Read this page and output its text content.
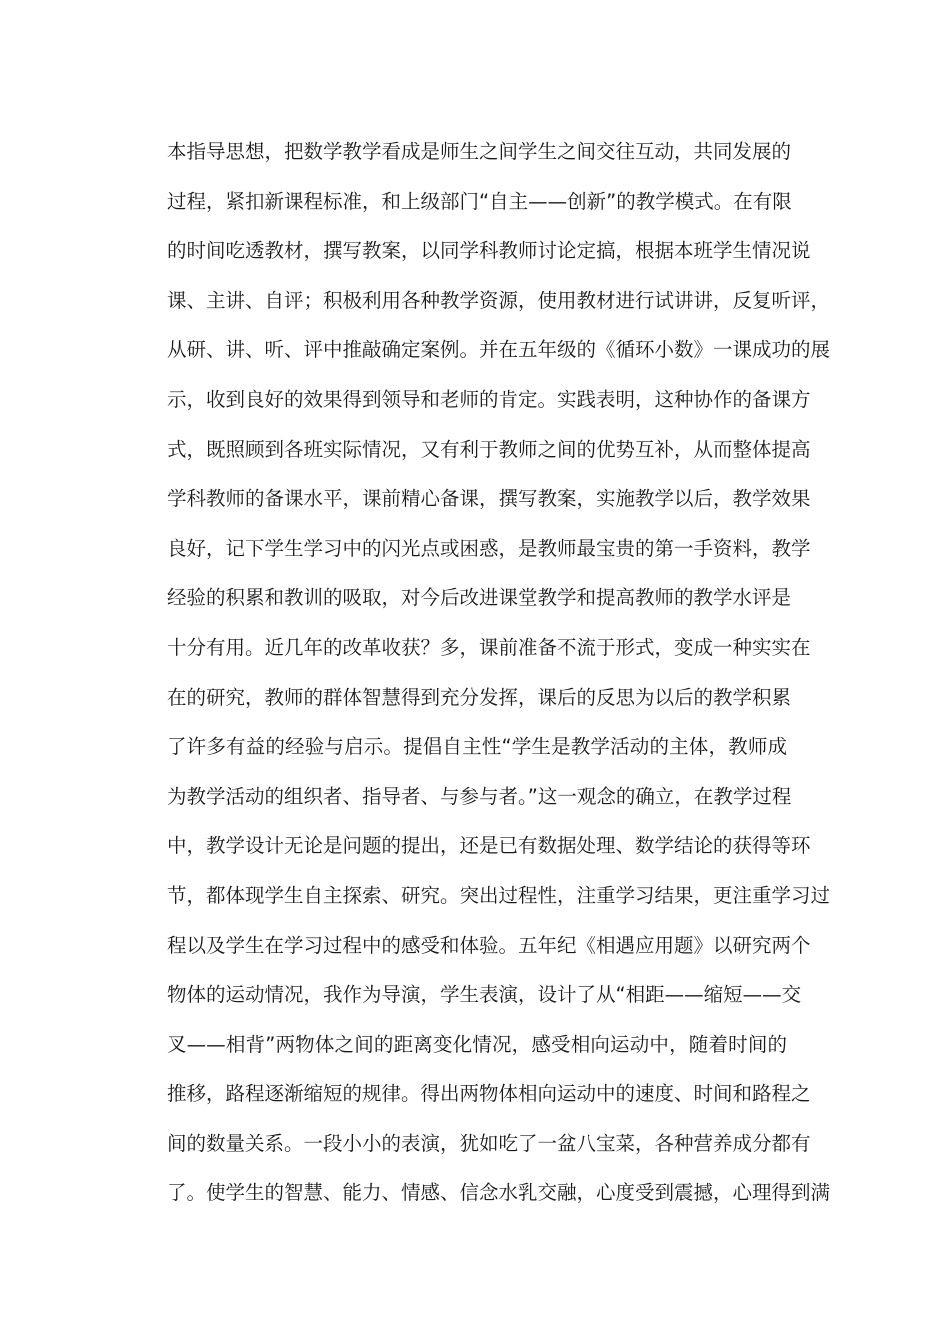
本指导思想，把数学教学看成是师生之间学生之间交往互动，共同发展的
过程，紧扣新课程标准，和上级部门“自主——创新”的教学模式。在有限
的时间吃透教材，撰写教案，以同学科教师讨论定搞，根据本班学生情况说
课、主讲、自评；积极利用各种教学资源，使用教材进行试讲讲，反复听评，
从研、讲、听、评中推敲确定案例。并在五年级的《循环小数》一课成功的展
示，收到良好的效果得到领导和老师的肯定。实践表明，这种协作的备课方
式，既照顾到各班实际情况，又有利于教师之间的优势互补，从而整体提高
学科教师的备课水平，课前精心备课，撰写教案，实施教学以后，教学效果
良好，记下学生学习中的闪光点或困惑，是教师最宝贵的第一手资料，教学
经验的积累和教训的吸取，对今后改进课堂教学和提高教师的教学水评是
十分有用。近几年的改革收获？多，课前准备不流于形式，变成一种实实在
在的研究，教师的群体智慧得到充分发挥，课后的反思为以后的教学积累
了许多有益的经验与启示。提倡自主性“学生是教学活动的主体，教师成
为教学活动的组织者、指导者、与参与者。”这一观念的确立，在教学过程
中，教学设计无论是问题的提出，还是已有数据处理、数学结论的获得等环
节，都体现学生自主探索、研究。突出过程性，注重学习结果，更注重学习过
程以及学生在学习过程中的感受和体验。五年纪《相遇应用题》以研究两个
物体的运动情况，我作为导演，学生表演，设计了从“相距——缩短——交
叉——相背”两物体之间的距离变化情况，感受相向运动中，随着时间的
推移，路程逐渐缩短的规律。得出两物体相向运动中的速度、时间和路程之
间的数量关系。一段小小的表演，犹如吃了一盆八宝菜，各种营养成分都有
了。使学生的智慧、能力、情感、信念水乳交融，心度受到震撼，心理得到满
